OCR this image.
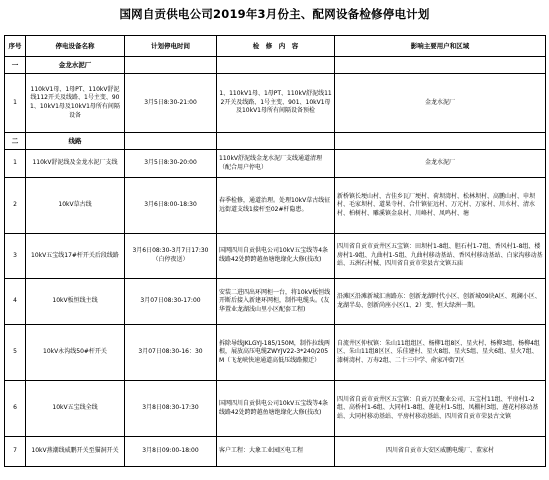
国网自贡供电公司2019年3月份主、配网设备检修停电计划
序号	停电设备名称	计划停电时间	检　修　内　容	影响主要用户和区域
一	金龙水泥厂			
1	110kV1母、1母PT、110kV舒泥线112开关及线路、1号主变、901、10kV1母及10kV1母所有间隔设备	3月5日8:30-21:00	1、110kV1母、1母PT、110kV舒泥线112开关及线路、1号主变、901、10kV1母及10kV1母所有间隔设备预检	金龙水泥厂
二	线路			
1	110kV舒泥线及金龙水泥厂支线	3月5日8:30-20:00	110kV舒泥线金龙水泥厂支线通道清理（配合用户停电）	金龙水泥厂
2	10kV草古线	3月6日8:00-18:30	春季检修，通道治理。处理10kV草古线征远街道支线1接杆至02#杆隐患。	新桥镇长埂山村、古佳乡瓦厂埂村、荷坝湾村、松林坝村、高鹏山村、申坝村、毛家坝村、道果寺村、合什镇征远村、万元村、万家村、川水村、清水村、柏树村、雕溪镇金泉村、川峰村、凤鸣村、塘
3	10kV五宝线17#杆开关后段线路	3月6日08:30-3月7日17:30（白停夜送）	国网四川自贡供电公司10kV五宝线等4条线路42处跨跨越鱼塘绝缘化大修(技改)	四川省自贡市贡井区五宝镇：田坝村1-8组、胆石村1-7组、香风村1-8组、楼房村1-9组、九曲村1-5组、九曲村移动基站、香风村移动基站、白家沟移动基站、五洲石村械、四川省自贡市荣县古文镇五庙
4	10kV板恒线主线	3月07日08:30-17:00	安装二进四出环网柜一台，将10kV板恒线开断后接入新建环网柜，制作电缆头。(友华置业龙湖浅山里小区配套工程)	沿滩区沿滩新城汇南路东：创新龙湖时代小区、创新城09块A区、观澜小区、龙湖半岛、创新尚座小区(1、2）变、恒大绿洲一期。
5	10kV永沟线50#杆开关	3月07日08:30-16：30	拆除导线JKLGYJ-185/150M，制作拉线两根，展放高压电缆ZWYJV22-3*240/205M（飞龙峡快速通道高低压线路搬迁）	自流井区仲权镇：朱山11组组区、杨柳1组8区、星火村、杨柳3组、杨柳4组区、朱山11组8区区、乐佳建村、星火8组、星火5组、星火6组、星火7组、漆树湾村、万寿2组、二十三中学、俞家冲街7区
6	10kV五宝线全线	3月8日08:30-17:30	国网四川自贡供电公司10kV五宝线等4条线路42处跨跨越鱼塘绝缘化大修(技改)	四川省自贡市贡井区五宝镇：自贡万民聚业公司、五宝村11组、平房村1-2组、高桥村1-6组、大同村1-8组、莲花村1-5组、凤棚村3组、莲花村移动基站、大同村移动基站、平房村移动基站、四川省自贡市荣县古文镇
7	10kV燕潮线威鹏开关至猫洞开关	3月8日09:00-18:00	客户工程：大象工业园区电工程	四川省自贡市大安区威鹏电缆厂、董家村
